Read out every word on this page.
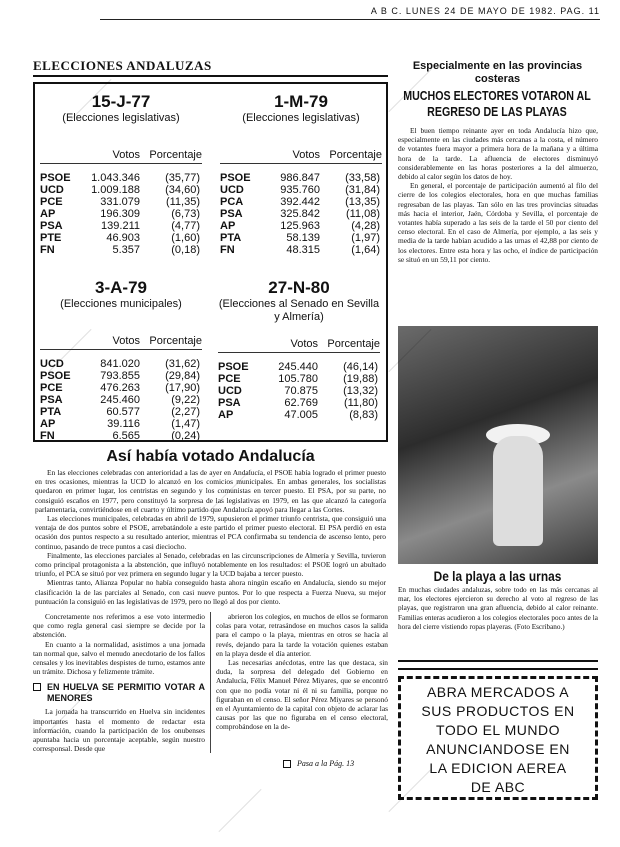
A B C. LUNES 24 DE MAYO DE 1982. PAG. 11
ELECCIONES ANDALUZAS
Así había votado Andalucía

En las elecciones celebradas con anterioridad a las de ayer en Andalucía, el PSOE había logrado el primer puesto en tres ocasiones, mientras la UCD lo alcanzó en los comicios municipales. En ambas generales, los socialistas quedaron en primer lugar, los centristas en segundo y los comunistas en tercer puesto. El PSA, por su parte, no consiguió escaños en 1977, pero constituyó la sorpresa de las legislativas en 1979, en las que alcanzó la categoría parlamentaria, convirtiéndose en el cuarto y último partido que Andalucía apoyó para llegar a las Cortes.

Las elecciones municipales, celebradas en abril de 1979, supusieron el primer triunfo centrista, que consiguió una ventaja de dos puntos sobre el PSOE, arrebatándole a este partido el primer puesto electoral. El PSA perdió en esta ocasión dos puntos respecto a su resultado anterior, mientras el PCA confirmaba su tendencia de ascenso lento, pero continuo, pasando de trece puntos a casi dieciocho.

Finalmente, las elecciones parciales al Senado, celebradas en las circunscripciones de Almería y Sevilla, tuvieron como principal protagonista a la abstención, que influyó notablemente en los resultados: el PSOE logró un abultado triunfo, el PCA se situó por vez primera en segundo lugar y la UCD bajaba a tercer puesto.

Mientras tanto, Alianza Popular no había conseguido hasta ahora ningún escaño en Andalucía, siendo su mejor clasificación la de las parciales al Senado, con casi nueve puntos. Por lo que respecta a Fuerza Nueva, su mejor puntuación la consiguió en las legislativas de 1979, pero no llegó al dos por ciento.

Concretamente nos referimos a ese voto intermedio que como regla general casi siempre se decide por la abstención.

En cuanto a la normalidad, asistimos a una jornada tan normal que, salvo el menudo anecdotario de los fallos censales y los inevitables despistes de turno, estamos ante un trámite. Dichosa y felizmente trámite.

EN HUELVA SE PERMITIO VOTAR A MENORES

La jornada ha transcurrido en Huelva sin incidentes importantes hasta el momento de redactar esta información, cuando la participación de los onubenses apuntaba hacia un porcentaje aceptable, según nuestro corresponsal. Desde que

abrieron los colegios, en muchos de ellos se formaron colas para votar, retrasándose en muchos casos la salida para el campo o la playa, mientras en otros se hacía al revés, dejando para la tarde la votación quienes estaban en la playa desde el día anterior.

Las necesarias anécdotas, entre las que destaca, sin duda, la sorpresa del delegado del Gobierno en Andalucía, Félix Manuel Pérez Miyares, que se encontró con que no podía votar ni él ni su familia, porque no figuraban en el censo. El señor Pérez Miyares se personó en el Ayuntamiento de la capital con objeto de aclarar las causas por las que no figuraba en el censo electoral, comprobándose en la de-

Pasa a la Pág. 13
Especialmente en las provincias costeras
MUCHOS ELECTORES VOTARON AL REGRESO DE LAS PLAYAS

El buen tiempo reinante ayer en toda Andalucía hizo que, especialmente en las ciudades más cercanas a la costa, el número de votantes fuera mayor a primera hora de la mañana y a última hora de la tarde. La afluencia de electores disminuyó considerablemente en las horas posteriores a la del almuerzo, debido al calor según los datos de hoy.

En general, el porcentaje de participación aumentó al filo del cierre de los colegios electorales, hora en que muchas familias regresaban de las playas. Tan sólo en las tres provincias situadas más hacia el interior, Jaén, Córdoba y Sevilla, el porcentaje de votantes había superado a las seis de la tarde el 50 por ciento del censo electoral. En el caso de Almería, por ejemplo, a las seis y media de la tarde habían acudido a las urnas el 42,88 por ciento de los electores. Entre esta hora y las ocho, el índice de participación se situó en un 59,11 por ciento.

De la playa a las urnas
En muchas ciudades andaluzas, sobre todo en las más cercanas al mar, los electores ejercieron su derecho al voto al regreso de las playas, que registraron una gran afluencia, debido al calor reinante. Familias enteras acudieron a los colegios electorales poco antes de la hora del cierre vistiendo ropas playeras. (Foto Escribano.)
ABRA MERCADOS A
SUS PRODUCTOS EN
TODO EL MUNDO
ANUNCIANDOSE EN
LA EDICION AEREA
DE ABC
15-J-77
(Elecciones legislativas)
Votos Porcentaje
PSOE	1.043.346	(35,77)
UCD	1.009.188	(34,60)
PCE	331.079	(11,35)
AP	196.309	(6,73)
PSA	139.211	(4,77)
PTE	46.903	(1,60)
FN	5.357	(0,18)
1-M-79
(Elecciones legislativas)
Votos Porcentaje
PSOE	986.847	(33,58)
UCD	935.760	(31,84)
PCA	392.442	(13,35)
PSA	325.842	(11,08)
AP	125.963	(4,28)
PTA	58.139	(1,97)
FN	48.315	(1,64)
3-A-79
(Elecciones municipales)
Votos Porcentaje
UCD	841.020	(31,62)
PSOE	793.855	(29,84)
PCE	476.263	(17,90)
PSA	245.460	(9,22)
PTA	60.577	(2,27)
AP	39.116	(1,47)
FN	6.565	(0,24)
27-N-80
(Elecciones al Senado en Sevilla y Almería)
Votos Porcentaje
PSOE	245.440	(46,14)
PCE	105.780	(19,88)
UCD	70.875	(13,32)
PSA	62.769	(11,80)
AP	47.005	(8,83)
